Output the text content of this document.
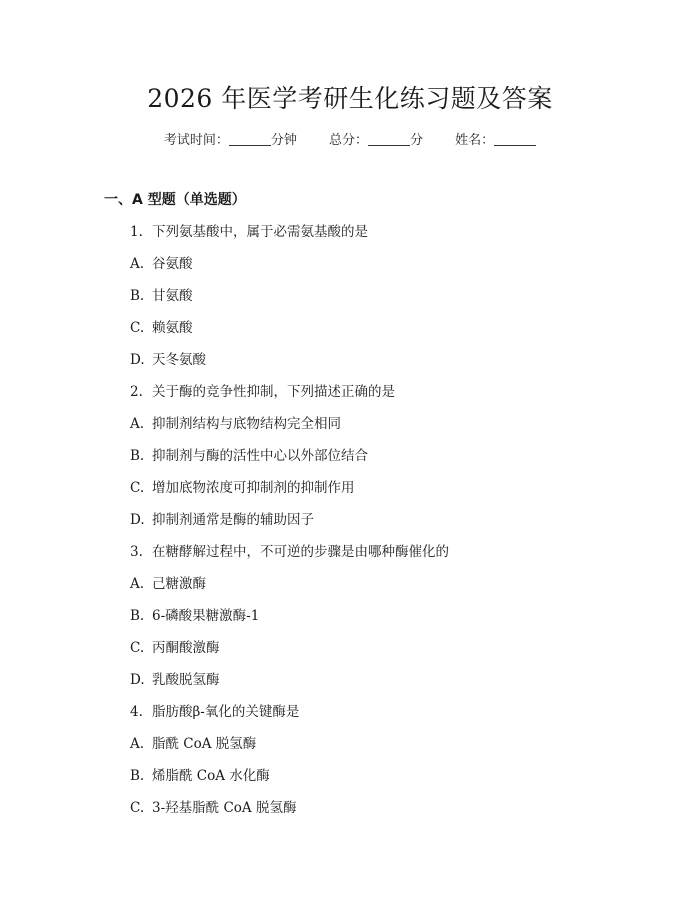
2026 年医学考研生化练习题及答案
考试时间：	分钟 总分：	分 姓名：
一、A 型题（单选题）
1. 下列氨基酸中，属于必需氨基酸的是
A. 谷氨酸
B. 甘氨酸
C. 赖氨酸
D. 天冬氨酸
2. 关于酶的竞争性抑制，下列描述正确的是
A. 抑制剂结构与底物结构完全相同
B. 抑制剂与酶的活性中心以外部位结合
C. 增加底物浓度可抑制剂的抑制作用
D. 抑制剂通常是酶的辅助因子
3. 在糖酵解过程中，不可逆的步骤是由哪种酶催化的
A. 己糖激酶
B. 6-磷酸果糖激酶-1
C. 丙酮酸激酶
D. 乳酸脱氢酶
4. 脂肪酸β-氧化的关键酶是
A. 脂酰 CoA 脱氢酶
B. 烯脂酰 CoA 水化酶
C. 3-羟基脂酰 CoA 脱氢酶
